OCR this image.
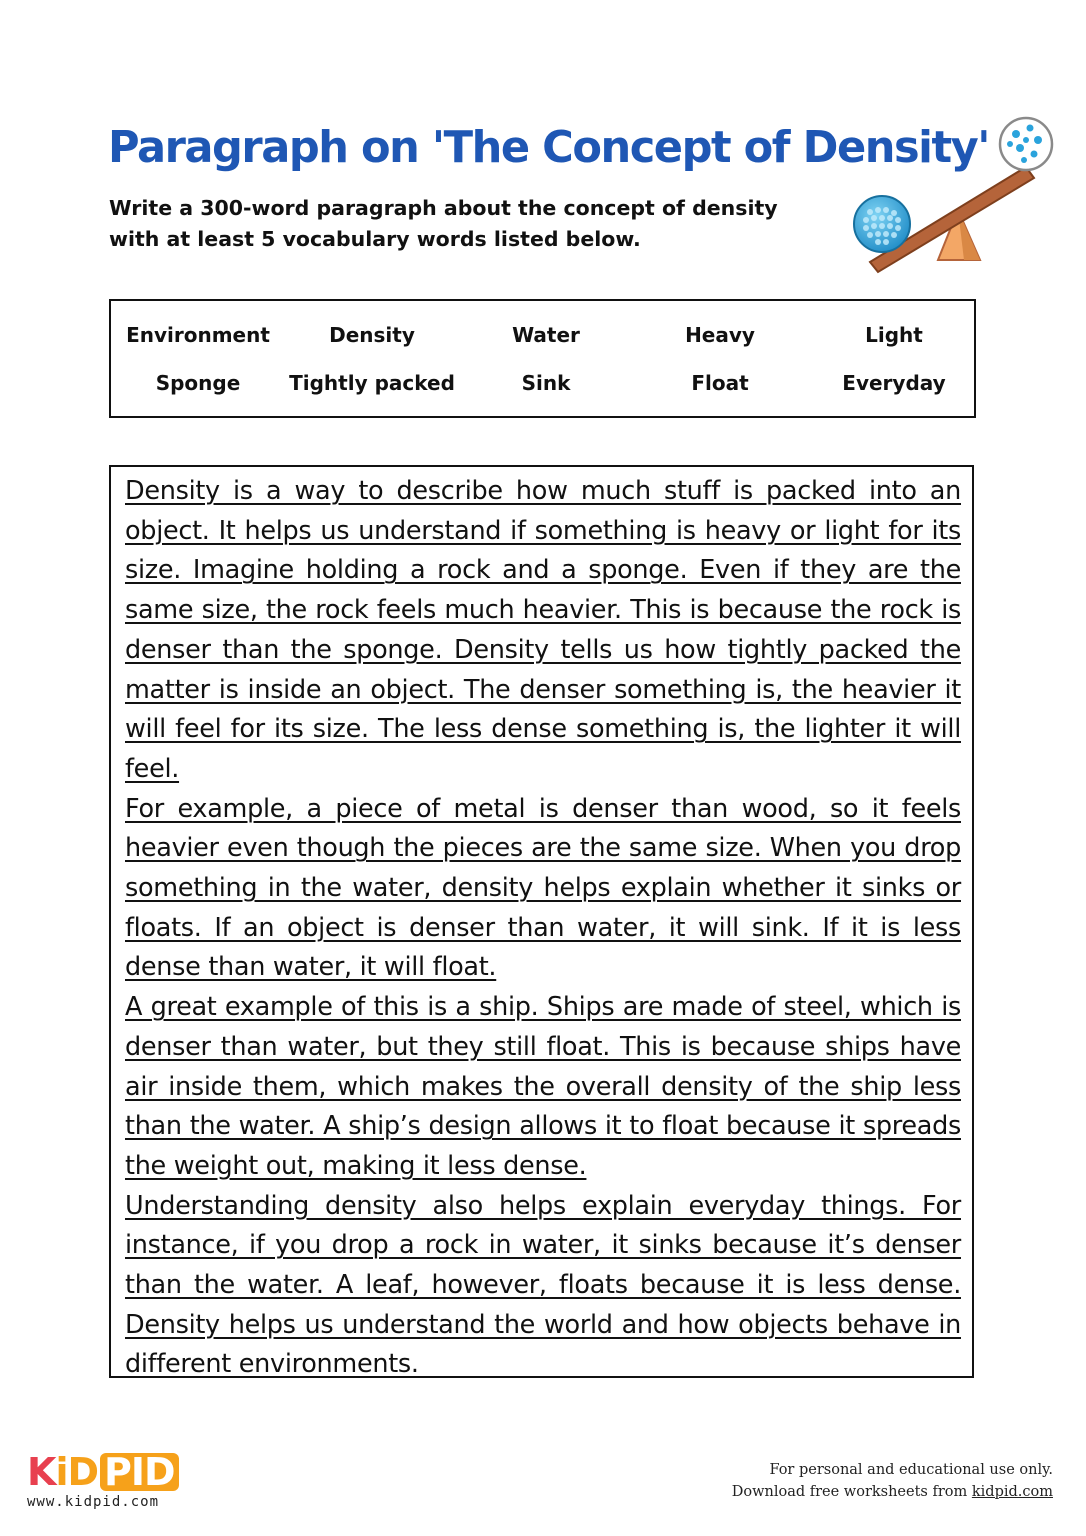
Paragraph on 'The Concept of Density'
Write a 300-word paragraph about the concept of density
with at least 5 vocabulary words listed below.
Environment	Density	Water	Heavy	Light
Sponge	Tightly packed	Sink	Float	Everyday

Density is a way to describe how much stuff is packed into an object. It helps us understand if something is heavy or light for its size. Imagine holding a rock and a sponge. Even if they are the same size, the rock feels much heavier. This is because the rock is denser than the sponge. Density tells us how tightly packed the matter is inside an object. The denser something is, the heavier it will feel for its size. The less dense something is, the lighter it will feel.

For example, a piece of metal is denser than wood, so it feels heavier even though the pieces are the same size. When you drop something in the water, density helps explain whether it sinks or floats. If an object is denser than water, it will sink. If it is less dense than water, it will float.

A great example of this is a ship. Ships are made of steel, which is denser than water, but they still float. This is because ships have air inside them, which makes the overall density of the ship less than the water. A ship’s design allows it to float because it spreads the weight out, making it less dense.

Understanding density also helps explain everyday things. For instance, if you drop a rock in water, it sinks because it’s denser than the water. A leaf, however, floats because it is less dense. Density helps us understand the world and how objects behave in different environments.

KiD PID
www.kidpid.com
For personal and educational use only.
Download free worksheets from kidpid.com
